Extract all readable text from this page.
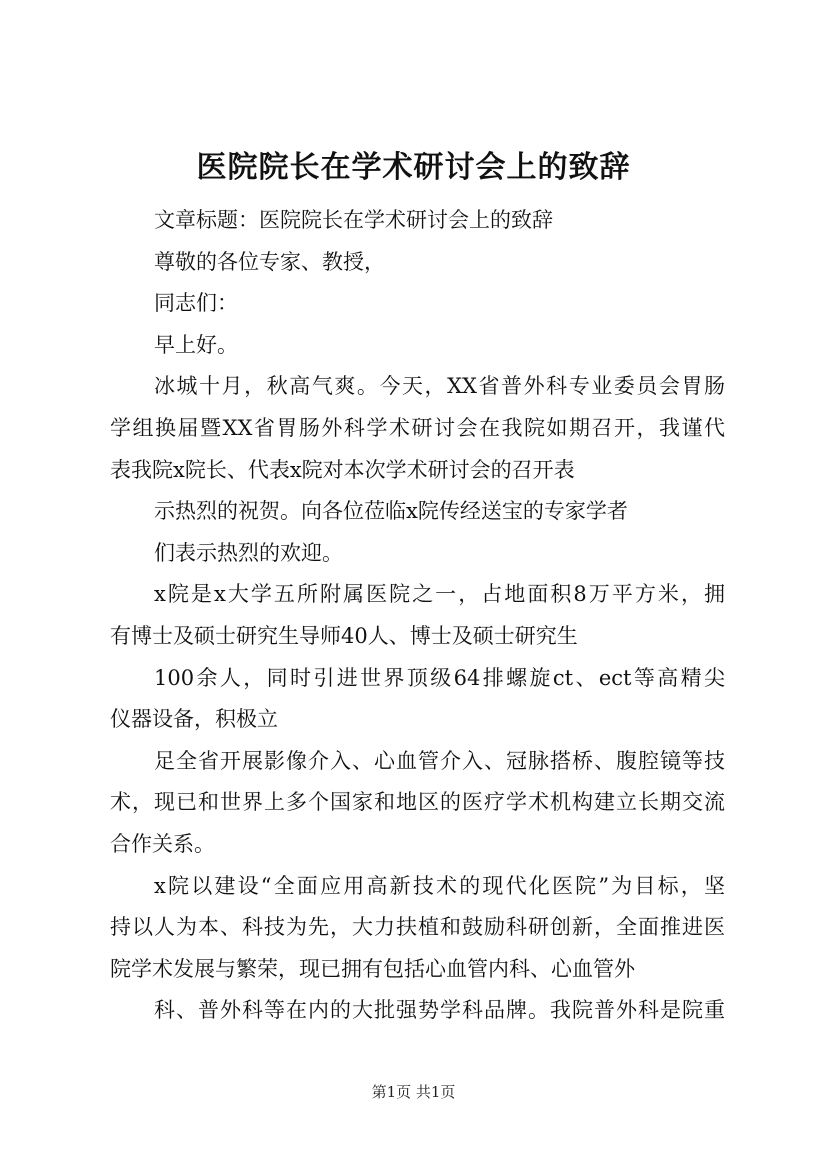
医院院长在学术研讨会上的致辞
文章标题：医院院长在学术研讨会上的致辞
尊敬的各位专家、教授，
同志们：
早上好。
冰城十月，秋高气爽。今天，XX省普外科专业委员会胃肠
学组换届暨XX省胃肠外科学术研讨会在我院如期召开，我谨代
表我院x院长、代表x院对本次学术研讨会的召开表
示热烈的祝贺。向各位莅临x院传经送宝的专家学者
们表示热烈的欢迎。
x院是x大学五所附属医院之一，占地面积8万平方米，拥
有博士及硕士研究生导师40人、博士及硕士研究生
100余人，同时引进世界顶级64排螺旋ct、ect等高精尖
仪器设备，积极立
足全省开展影像介入、心血管介入、冠脉搭桥、腹腔镜等技
术，现已和世界上多个国家和地区的医疗学术机构建立长期交流
合作关系。
x院以建设“全面应用高新技术的现代化医院”为目标，坚
持以人为本、科技为先，大力扶植和鼓励科研创新，全面推进医
院学术发展与繁荣，现已拥有包括心血管内科、心血管外
科、普外科等在内的大批强势学科品牌。我院普外科是院重
第1页 共1页
